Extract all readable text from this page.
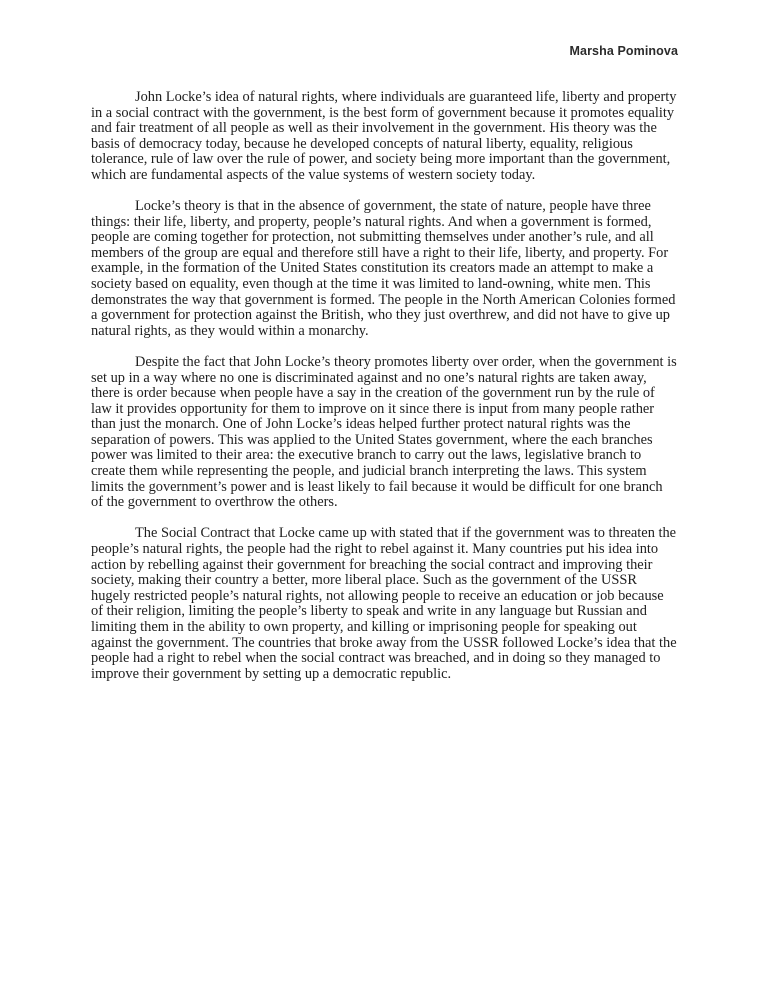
Marsha Pominova

John Locke’s idea of natural rights, where individuals are guaranteed life, liberty and property in a social contract with the government, is the best form of government because it promotes equality and fair treatment of all people as well as their involvement in the government. His theory was the basis of democracy today, because he developed concepts of natural liberty, equality, religious tolerance, rule of law over the rule of power, and society being more important than the government, which are fundamental aspects of the value systems of western society today.

Locke’s theory is that in the absence of government, the state of nature, people have three things: their life, liberty, and property, people’s natural rights. And when a government is formed, people are coming together for protection, not submitting themselves under another’s rule, and all members of the group are equal and therefore still have a right to their life, liberty, and property. For example, in the formation of the United States constitution its creators made an attempt to make a society based on equality, even though at the time it was limited to land-owning, white men. This demonstrates the way that government is formed. The people in the North American Colonies formed a government for protection against the British, who they just overthrew, and did not have to give up natural rights, as they would within a monarchy.

Despite the fact that John Locke’s theory promotes liberty over order, when the government is set up in a way where no one is discriminated against and no one’s natural rights are taken away, there is order because when people have a say in the creation of the government run by the rule of law it provides opportunity for them to improve on it since there is input from many people rather than just the monarch. One of John Locke’s ideas helped further protect natural rights was the separation of powers. This was applied to the United States government, where the each branches power was limited to their area: the executive branch to carry out the laws, legislative branch to create them while representing the people, and judicial branch interpreting the laws. This system limits the government’s power and is least likely to fail because it would be difficult for one branch of the government to overthrow the others.

The Social Contract that Locke came up with stated that if the government was to threaten the people’s natural rights, the people had the right to rebel against it. Many countries put his idea into action by rebelling against their government for breaching the social contract and improving their society, making their country a better, more liberal place. Such as the government of the USSR hugely restricted people’s natural rights, not allowing people to receive an education or job because of their religion, limiting the people’s liberty to speak and write in any language but Russian and limiting them in the ability to own property, and killing or imprisoning people for speaking out against the government. The countries that broke away from the USSR followed Locke’s idea that the people had a right to rebel when the social contract was breached, and in doing so they managed to improve their government by setting up a democratic republic.
